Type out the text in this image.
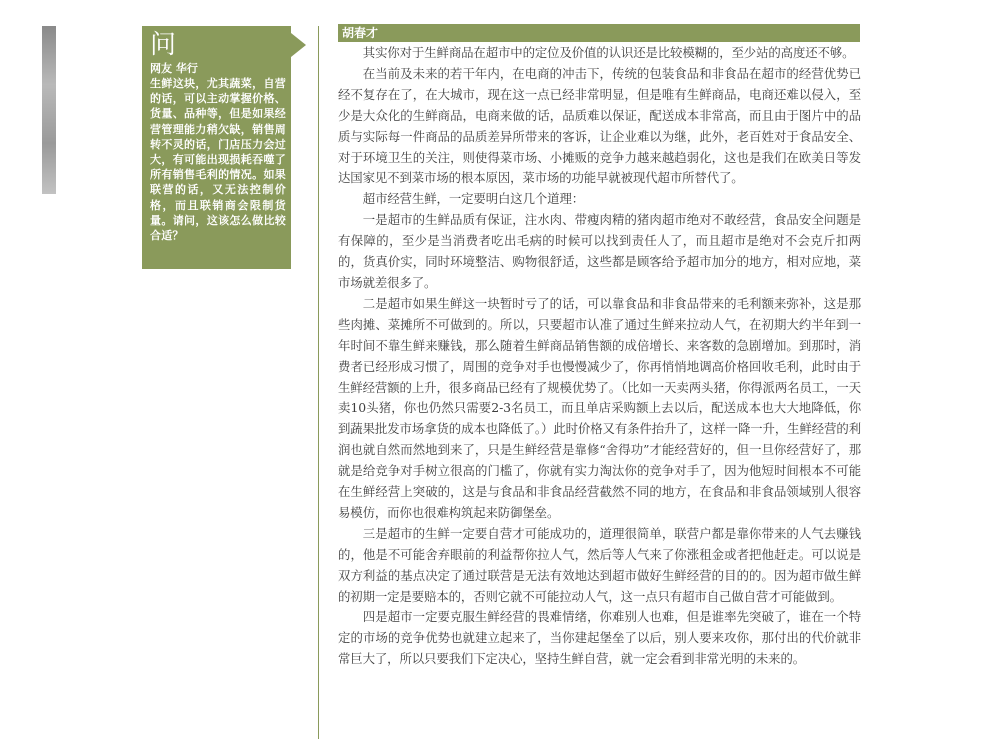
问
网友 华行
生鲜这块，尤其蔬菜，自营的话，可以主动掌握价格、货量、品种等，但是如果经营管理能力稍欠缺，销售周转不灵的话，门店压力会过大，有可能出现损耗吞噬了所有销售毛利的情况。如果联营的话，又无法控制价格，而且联销商会限制货量。请问，这该怎么做比较合适？
胡春才

其实你对于生鲜商品在超市中的定位及价值的认识还是比较模糊的，至少站的高度还不够。

在当前及未来的若干年内，在电商的冲击下，传统的包装食品和非食品在超市的经营优势已经不复存在了，在大城市，现在这一点已经非常明显，但是唯有生鲜商品，电商还难以侵入，至少是大众化的生鲜商品，电商来做的话，品质难以保证，配送成本非常高，而且由于图片中的品质与实际每一件商品的品质差异所带来的客诉，让企业难以为继，此外，老百姓对于食品安全、对于环境卫生的关注，则使得菜市场、小摊贩的竞争力越来越趋弱化，这也是我们在欧美日等发达国家见不到菜市场的根本原因，菜市场的功能早就被现代超市所替代了。

超市经营生鲜，一定要明白这几个道理：

一是超市的生鲜品质有保证，注水肉、带瘦肉精的猪肉超市绝对不敢经营，食品安全问题是有保障的，至少是当消费者吃出毛病的时候可以找到责任人了，而且超市是绝对不会克斤扣两的，货真价实，同时环境整洁、购物很舒适，这些都是顾客给予超市加分的地方，相对应地，菜市场就差很多了。

二是超市如果生鲜这一块暂时亏了的话，可以靠食品和非食品带来的毛利额来弥补，这是那些肉摊、菜摊所不可做到的。所以，只要超市认准了通过生鲜来拉动人气，在初期大约半年到一年时间不靠生鲜来赚钱，那么随着生鲜商品销售额的成倍增长、来客数的急剧增加。到那时，消费者已经形成习惯了，周围的竞争对手也慢慢减少了，你再悄悄地调高价格回收毛利，此时由于生鲜经营额的上升，很多商品已经有了规模优势了。（比如一天卖两头猪，你得派两名员工，一天卖10头猪，你也仍然只需要2-3名员工，而且单店采购额上去以后，配送成本也大大地降低，你到蔬果批发市场拿货的成本也降低了。）此时价格又有条件抬升了，这样一降一升，生鲜经营的利润也就自然而然地到来了，只是生鲜经营是靠修“舍得功”才能经营好的，但一旦你经营好了，那就是给竞争对手树立很高的门槛了，你就有实力淘汰你的竞争对手了，因为他短时间根本不可能在生鲜经营上突破的，这是与食品和非食品经营截然不同的地方，在食品和非食品领域别人很容易模仿，而你也很难构筑起来防御堡垒。

三是超市的生鲜一定要自营才可能成功的，道理很简单，联营户都是靠你带来的人气去赚钱的，他是不可能舍弃眼前的利益帮你拉人气，然后等人气来了你涨租金或者把他赶走。可以说是双方利益的基点决定了通过联营是无法有效地达到超市做好生鲜经营的目的的。因为超市做生鲜的初期一定是要赔本的，否则它就不可能拉动人气，这一点只有超市自己做自营才可能做到。

四是超市一定要克服生鲜经营的畏难情绪，你难别人也难，但是谁率先突破了，谁在一个特定的市场的竞争优势也就建立起来了，当你建起堡垒了以后，别人要来攻你，那付出的代价就非常巨大了，所以只要我们下定决心，坚持生鲜自营，就一定会看到非常光明的未来的。
